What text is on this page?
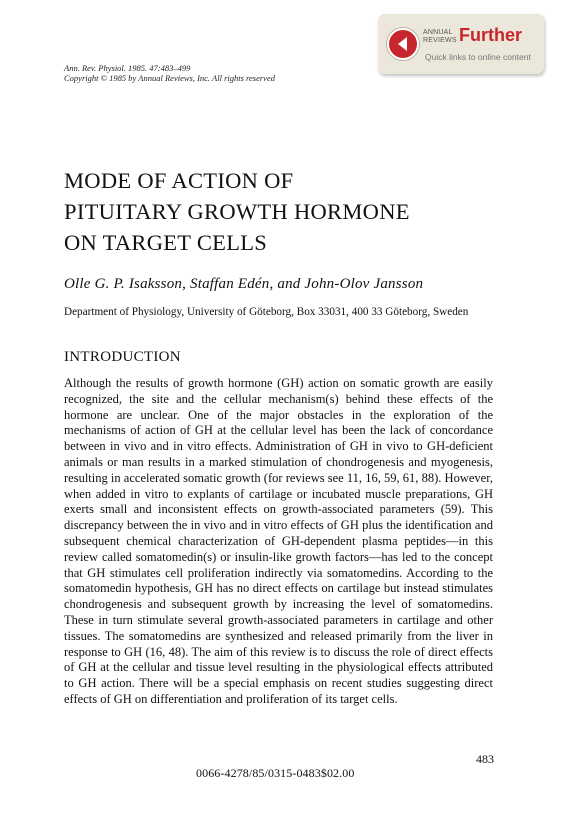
ANNUAL
REVIEWS Further
Quick links to online content
Ann. Rev. Physiol. 1985. 47:483–499
Copyright © 1985 by Annual Reviews, Inc. All rights reserved
MODE OF ACTION OF
PITUITARY GROWTH HORMONE
ON TARGET CELLS
Olle G. P. Isaksson, Staffan Edén, and John-Olov Jansson
Department of Physiology, University of Göteborg, Box 33031, 400 33 Göteborg, Sweden
INTRODUCTION

Although the results of growth hormone (GH) action on somatic growth are easily recognized, the site and the cellular mechanism(s) behind these effects of the hormone are unclear. One of the major obstacles in the exploration of the mechanisms of action of GH at the cellular level has been the lack of concordance between in vivo and in vitro effects. Administration of GH in vivo to GH-deficient animals or man results in a marked stimulation of chondrogenesis and myogenesis, resulting in accelerated somatic growth (for reviews see 11, 16, 59, 61, 88). However, when added in vitro to explants of cartilage or incubated muscle preparations, GH exerts small and inconsistent effects on growth-associated parameters (59). This discrepancy between the in vivo and in vitro effects of GH plus the identification and subsequent chemical characterization of GH-dependent plasma peptides—in this review called somatomedin(s) or insulin-like growth factors—has led to the concept that GH stimulates cell proliferation indirectly via somatomedins. According to the somatomedin hypothesis, GH has no direct effects on cartilage but instead stimulates chondrogenesis and subsequent growth by increasing the level of somatomedins. These in turn stimulate several growth-associated parameters in cartilage and other tissues. The somatomedins are synthesized and released primarily from the liver in response to GH (16, 48). The aim of this review is to discuss the role of direct effects of GH at the cellular and tissue level resulting in the physiological effects attributed to GH action. There will be a special emphasis on recent studies suggesting direct effects of GH on differentiation and proliferation of its target cells.

483
0066-4278/85/0315-0483$02.00
